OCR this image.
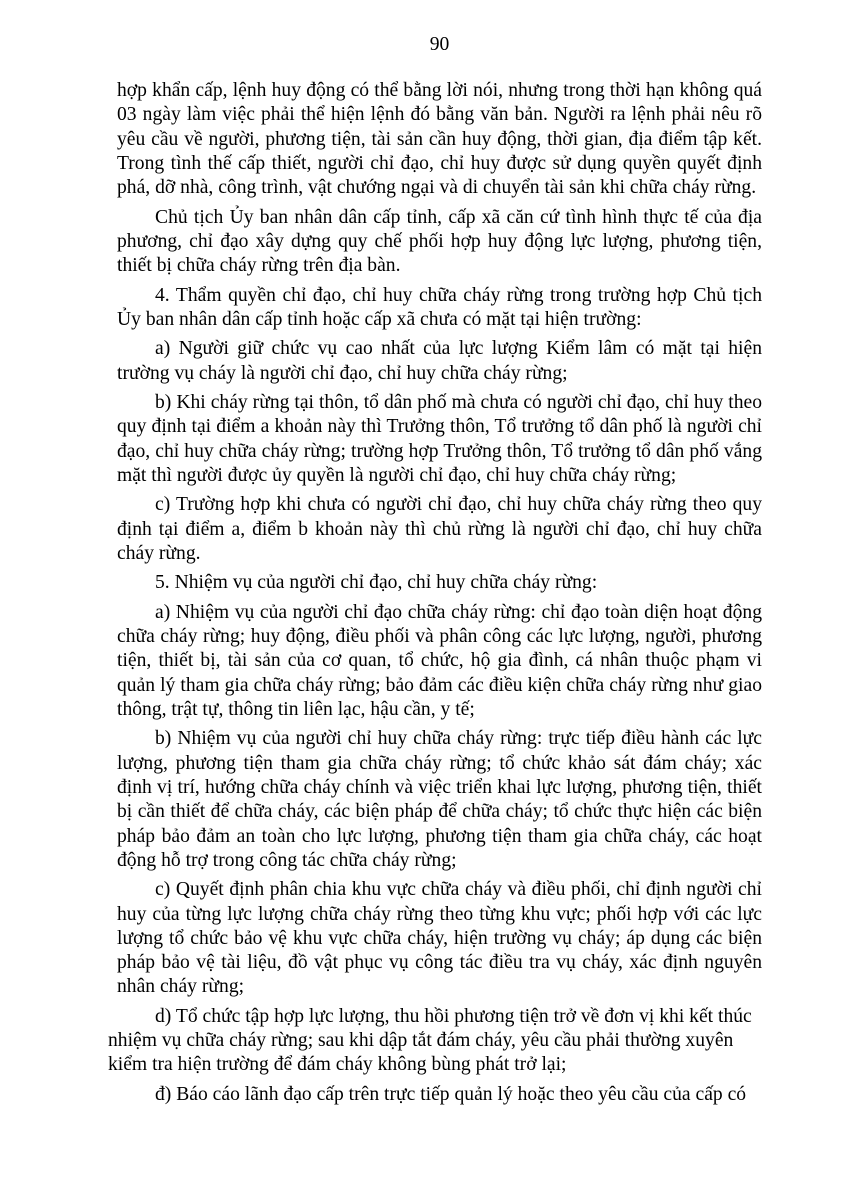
90

hợp khẩn cấp, lệnh huy động có thể bằng lời nói, nhưng trong thời hạn không quá 03 ngày làm việc phải thể hiện lệnh đó bằng văn bản. Người ra lệnh phải nêu rõ yêu cầu về người, phương tiện, tài sản cần huy động, thời gian, địa điểm tập kết. Trong tình thế cấp thiết, người chỉ đạo, chỉ huy được sử dụng quyền quyết định phá, dỡ nhà, công trình, vật chướng ngại và di chuyển tài sản khi chữa cháy rừng.

Chủ tịch Ủy ban nhân dân cấp tỉnh, cấp xã căn cứ tình hình thực tế của địa phương, chỉ đạo xây dựng quy chế phối hợp huy động lực lượng, phương tiện, thiết bị chữa cháy rừng trên địa bàn.

4. Thẩm quyền chỉ đạo, chỉ huy chữa cháy rừng trong trường hợp Chủ tịch Ủy ban nhân dân cấp tỉnh hoặc cấp xã chưa có mặt tại hiện trường:

a) Người giữ chức vụ cao nhất của lực lượng Kiểm lâm có mặt tại hiện trường vụ cháy là người chỉ đạo, chỉ huy chữa cháy rừng;

b) Khi cháy rừng tại thôn, tổ dân phố mà chưa có người chỉ đạo, chỉ huy theo quy định tại điểm a khoản này thì Trưởng thôn, Tổ trưởng tổ dân phố là người chỉ đạo, chỉ huy chữa cháy rừng; trường hợp Trưởng thôn, Tổ trưởng tổ dân phố vắng mặt thì người được ủy quyền là người chỉ đạo, chỉ huy chữa cháy rừng;

c) Trường hợp khi chưa có người chỉ đạo, chỉ huy chữa cháy rừng theo quy định tại điểm a, điểm b khoản này thì chủ rừng là người chỉ đạo, chỉ huy chữa cháy rừng.

5. Nhiệm vụ của người chỉ đạo, chỉ huy chữa cháy rừng:

a) Nhiệm vụ của người chỉ đạo chữa cháy rừng: chỉ đạo toàn diện hoạt động chữa cháy rừng; huy động, điều phối và phân công các lực lượng, người, phương tiện, thiết bị, tài sản của cơ quan, tổ chức, hộ gia đình, cá nhân thuộc phạm vi quản lý tham gia chữa cháy rừng; bảo đảm các điều kiện chữa cháy rừng như giao thông, trật tự, thông tin liên lạc, hậu cần, y tế;

b) Nhiệm vụ của người chỉ huy chữa cháy rừng: trực tiếp điều hành các lực lượng, phương tiện tham gia chữa cháy rừng; tổ chức khảo sát đám cháy; xác định vị trí, hướng chữa cháy chính và việc triển khai lực lượng, phương tiện, thiết bị cần thiết để chữa cháy, các biện pháp để chữa cháy; tổ chức thực hiện các biện pháp bảo đảm an toàn cho lực lượng, phương tiện tham gia chữa cháy, các hoạt động hỗ trợ trong công tác chữa cháy rừng;

c) Quyết định phân chia khu vực chữa cháy và điều phối, chỉ định người chỉ huy của từng lực lượng chữa cháy rừng theo từng khu vực; phối hợp với các lực lượng tổ chức bảo vệ khu vực chữa cháy, hiện trường vụ cháy; áp dụng các biện pháp bảo vệ tài liệu, đồ vật phục vụ công tác điều tra vụ cháy, xác định nguyên nhân cháy rừng;

d) Tổ chức tập hợp lực lượng, thu hồi phương tiện trở về đơn vị khi kết thúc nhiệm vụ chữa cháy rừng; sau khi dập tắt đám cháy, yêu cầu phải thường xuyên kiểm tra hiện trường để đám cháy không bùng phát trở lại;

đ) Báo cáo lãnh đạo cấp trên trực tiếp quản lý hoặc theo yêu cầu của cấp có
